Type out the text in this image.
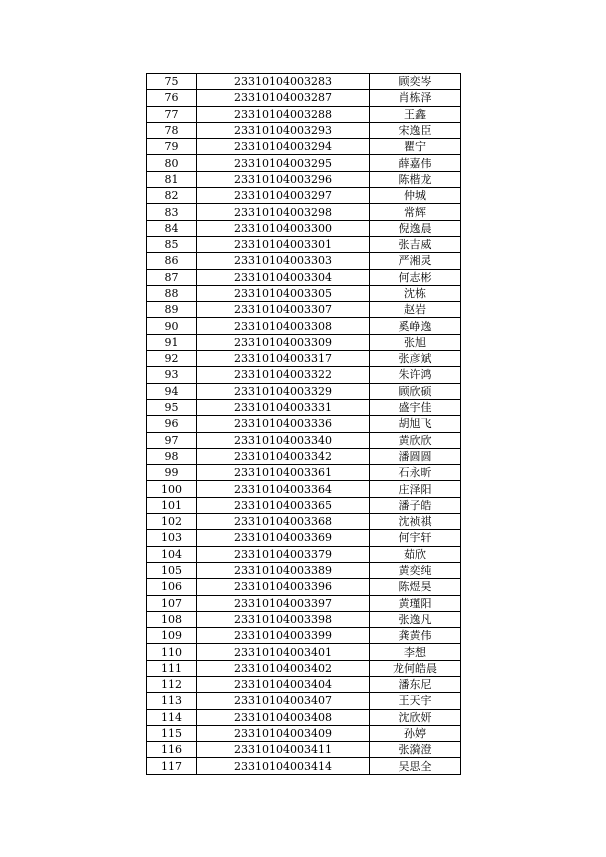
75	23310104003283	顾奕岑
76	23310104003287	肖栋泽
77	23310104003288	王鑫
78	23310104003293	宋逸臣
79	23310104003294	瞿宁
80	23310104003295	薛嘉伟
81	23310104003296	陈楷龙
82	23310104003297	仲城
83	23310104003298	常辉
84	23310104003300	倪逸晨
85	23310104003301	张吉威
86	23310104003303	严湘灵
87	23310104003304	何志彬
88	23310104003305	沈栋
89	23310104003307	赵岩
90	23310104003308	奚峥逸
91	23310104003309	张旭
92	23310104003317	张彦斌
93	23310104003322	朱许鸿
94	23310104003329	顾欣硕
95	23310104003331	盛宇佳
96	23310104003336	胡旭飞
97	23310104003340	黄欣欣
98	23310104003342	潘圆圆
99	23310104003361	石永昕
100	23310104003364	庄泽阳
101	23310104003365	潘子皓
102	23310104003368	沈祯祺
103	23310104003369	何宇轩
104	23310104003379	茹欣
105	23310104003389	黄奕纯
106	23310104003396	陈煜昊
107	23310104003397	黄瑾阳
108	23310104003398	张逸凡
109	23310104003399	龚黄伟
110	23310104003401	李想
111	23310104003402	龙何皓晨
112	23310104003404	潘东尼
113	23310104003407	王天宇
114	23310104003408	沈欣妍
115	23310104003409	孙婷
116	23310104003411	张漪澄
117	23310104003414	吴思全
